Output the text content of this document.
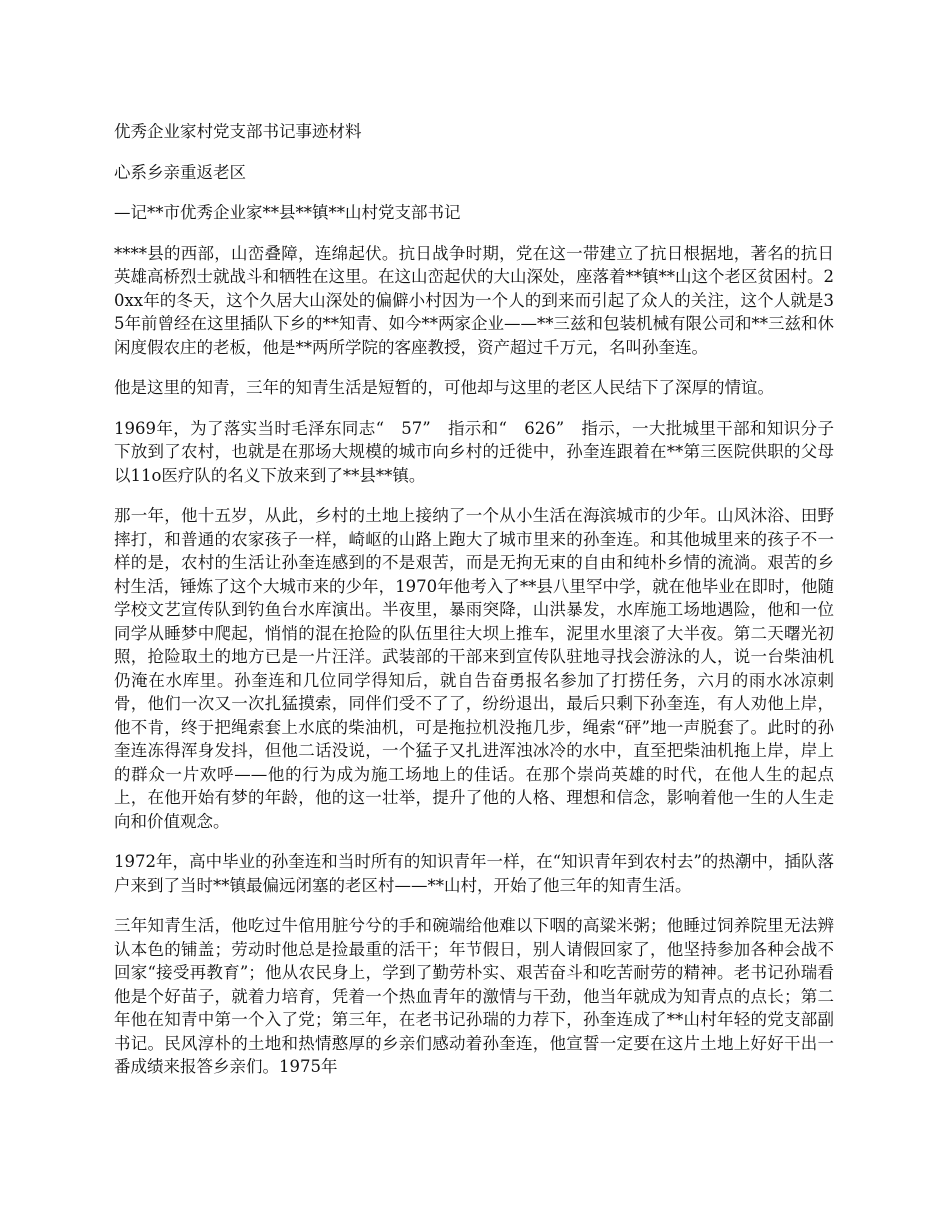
优秀企业家村党支部书记事迹材料

心系乡亲重返老区

—记**市优秀企业家**县**镇**山村党支部书记

****县的西部，山峦叠障，连绵起伏。抗日战争时期，党在这一带建立了抗日根据地，著名的抗日英雄高桥烈士就战斗和牺牲在这里。在这山峦起伏的大山深处，座落着**镇**山这个老区贫困村。20xx年的冬天，这个久居大山深处的偏僻小村因为一个人的到来而引起了众人的关注，这个人就是35年前曾经在这里插队下乡的**知青、如今**两家企业——**三兹和包装机械有限公司和**三兹和休闲度假农庄的老板，他是**两所学院的客座教授，资产超过千万元，名叫孙奎连。

他是这里的知青，三年的知青生活是短暂的，可他却与这里的老区人民结下了深厚的情谊。

1969年，为了落实当时毛泽东同志“　57”　指示和“　626”　指示，一大批城里干部和知识分子下放到了农村，也就是在那场大规模的城市向乡村的迁徙中，孙奎连跟着在**第三医院供职的父母以11o医疗队的名义下放来到了**县**镇。

那一年，他十五岁，从此，乡村的土地上接纳了一个从小生活在海滨城市的少年。山风沐浴、田野摔打，和普通的农家孩子一样，崎岖的山路上跑大了城市里来的孙奎连。和其他城里来的孩子不一样的是，农村的生活让孙奎连感到的不是艰苦，而是无拘无束的自由和纯朴乡情的流淌。艰苦的乡村生活，锤炼了这个大城市来的少年，1970年他考入了**县八里罕中学，就在他毕业在即时，他随学校文艺宣传队到钓鱼台水库演出。半夜里，暴雨突降，山洪暴发，水库施工场地遇险，他和一位同学从睡梦中爬起，悄悄的混在抢险的队伍里往大坝上推车，泥里水里滚了大半夜。第二天曙光初照，抢险取土的地方已是一片汪洋。武装部的干部来到宣传队驻地寻找会游泳的人，说一台柴油机仍淹在水库里。孙奎连和几位同学得知后，就自告奋勇报名参加了打捞任务，六月的雨水冰凉刺骨，他们一次又一次扎猛摸索，同伴们受不了了，纷纷退出，最后只剩下孙奎连，有人劝他上岸，他不肯，终于把绳索套上水底的柴油机，可是拖拉机没拖几步，绳索“砰”地一声脱套了。此时的孙奎连冻得浑身发抖，但他二话没说，一个猛子又扎进浑浊冰冷的水中，直至把柴油机拖上岸，岸上的群众一片欢呼——他的行为成为施工场地上的佳话。在那个崇尚英雄的时代，在他人生的起点上，在他开始有梦的年龄，他的这一壮举，提升了他的人格、理想和信念，影响着他一生的人生走向和价值观念。

1972年，高中毕业的孙奎连和当时所有的知识青年一样，在“知识青年到农村去”的热潮中，插队落户来到了当时**镇最偏远闭塞的老区村——**山村，开始了他三年的知青生活。

三年知青生活，他吃过牛倌用脏兮兮的手和碗端给他难以下咽的高粱米粥；他睡过饲养院里无法辨认本色的铺盖；劳动时他总是捡最重的活干；年节假日，别人请假回家了，他坚持参加各种会战不回家“接受再教育”；他从农民身上，学到了勤劳朴实、艰苦奋斗和吃苦耐劳的精神。老书记孙瑞看他是个好苗子，就着力培育，凭着一个热血青年的激情与干劲，他当年就成为知青点的点长；第二年他在知青中第一个入了党；第三年，在老书记孙瑞的力荐下，孙奎连成了**山村年轻的党支部副书记。民风淳朴的土地和热情憨厚的乡亲们感动着孙奎连，他宣誓一定要在这片土地上好好干出一番成绩来报答乡亲们。1975年
